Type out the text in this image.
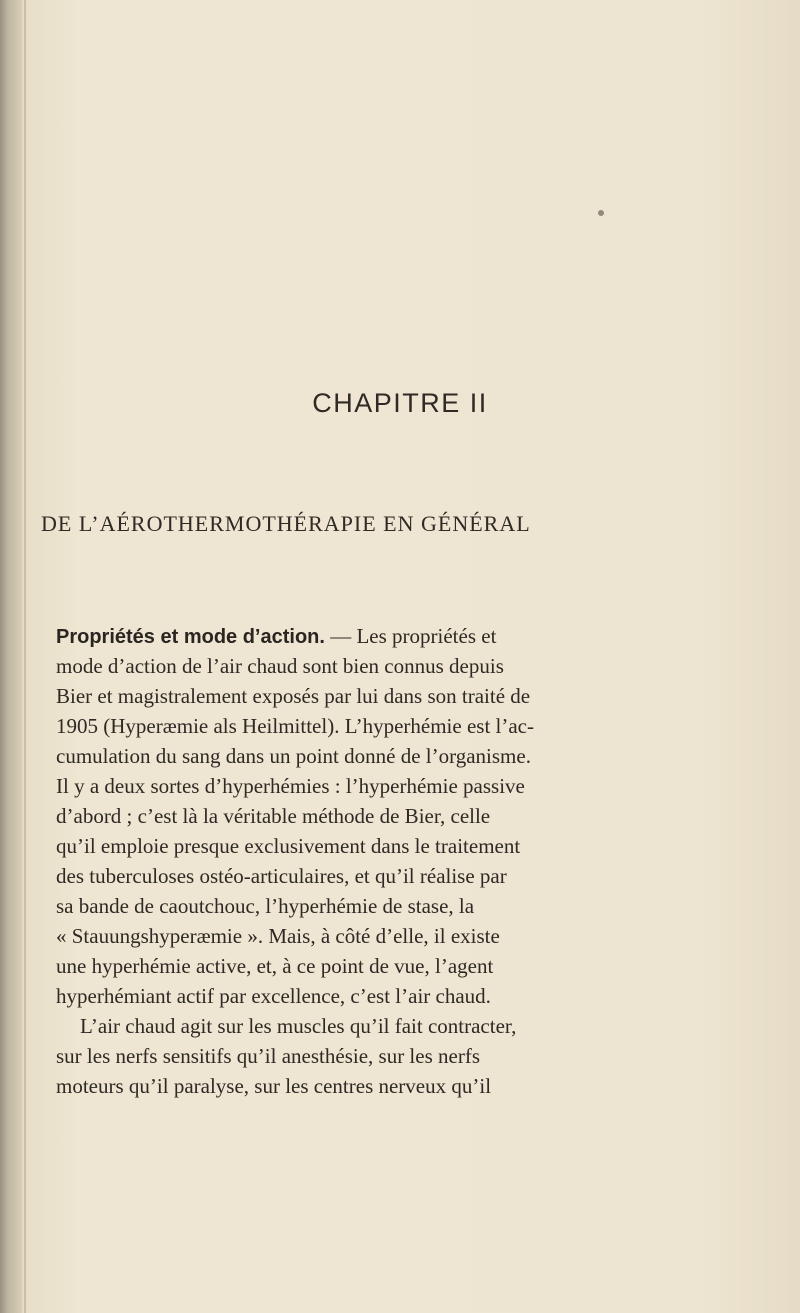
CHAPITRE II
DE L’AÉROTHERMOTHÉRAPIE EN GÉNÉRAL
Propriétés et mode d’action. — Les propriétés et
mode d’action de l’air chaud sont bien connus depuis
Bier et magistralement exposés par lui dans son traité de
1905 (Hyperæmie als Heilmittel). L’hyperhémie est l’ac-
cumulation du sang dans un point donné de l’organisme.
Il y a deux sortes d’hyperhémies : l’hyperhémie passive
d’abord ; c’est là la véritable méthode de Bier, celle
qu’il emploie presque exclusivement dans le traitement
des tuberculoses ostéo-articulaires, et qu’il réalise par
sa bande de caoutchouc, l’hyperhémie de stase, la
« Stauungshyperæmie ». Mais, à côté d’elle, il existe
une hyperhémie active, et, à ce point de vue, l’agent
hyperhémiant actif par excellence, c’est l’air chaud.
L’air chaud agit sur les muscles qu’il fait contracter,
sur les nerfs sensitifs qu’il anesthésie, sur les nerfs
moteurs qu’il paralyse, sur les centres nerveux qu’il
